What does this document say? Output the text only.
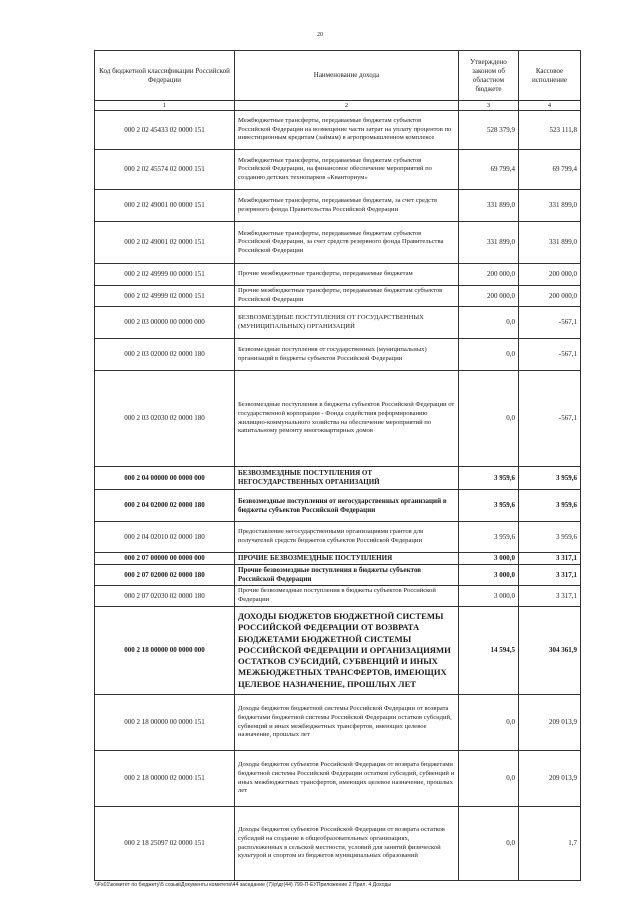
20
Код бюджетной классификации Российской Федерации	Наименование дохода	Утверждено законом об областном бюджете	Кассовое исполнение
1	2	3	4
000 2 02 45433 02 0000 151	Межбюджетные трансферты, передаваемые бюджетам субъектов Российской Федерации на возмещение части затрат на уплату процентов по инвестиционным кредитам (займам) в агропромышленном комплексе	528 379,9	523 111,8
000 2 02 45574 02 0000 151	Межбюджетные трансферты, передаваемые бюджетам субъектов Российской Федерации, на финансовое обеспечение мероприятий по созданию детских технопарков «Кванториум»	69 799,4	69 799,4
000 2 02 49001 00 0000 151	Межбюджетные трансферты, передаваемые бюджетам, за счет средств резервного фонда Правительства Российской Федерации	331 899,0	331 899,0
000 2 02 49001 02 0000 151	Межбюджетные трансферты, передаваемые бюджетам субъектов Российской Федерации, за счет средств резервного фонда Правительства Российской Федерации	331 899,0	331 899,0
000 2 02 49999 00 0000 151	Прочие межбюджетные трансферты, передаваемые бюджетам	200 000,0	200 000,0
000 2 02 49999 02 0000 151	Прочие межбюджетные трансферты, передаваемые бюджетам субъектов Российской Федерации	200 000,0	200 000,0
000 2 03 00000 00 0000 000	БЕЗВОЗМЕЗДНЫЕ ПОСТУПЛЕНИЯ ОТ ГОСУДАРСТВЕННЫХ (МУНИЦИПАЛЬНЫХ) ОРГАНИЗАЦИЙ	0,0	-567,1
000 2 03 02000 02 0000 180	Безвозмездные поступления от государственных (муниципальных) организаций в бюджеты субъектов Российской Федерации	0,0	-567,1
000 2 03 02030 02 0000 180	Безвозмездные поступления в бюджеты субъектов Российской Федерации от государственной корпорации - Фонда содействия реформированию жилищно-коммунального хозяйства на обеспечение мероприятий по капитальному ремонту многоквартирных домов	0,0	-567,1
000 2 04 00000 00 0000 000	БЕЗВОЗМЕЗДНЫЕ ПОСТУПЛЕНИЯ ОТ НЕГОСУДАРСТВЕННЫХ ОРГАНИЗАЦИЙ	3 959,6	3 959,6
000 2 04 02000 02 0000 180	Безвозмездные поступления от негосударственных организаций в бюджеты субъектов Российской Федерации	3 959,6	3 959,6
000 2 04 02010 02 0000 180	Предоставление негосударственными организациями грантов для получателей средств бюджетов субъектов Российской Федерации	3 959,6	3 959,6
000 2 07 00000 00 0000 000	ПРОЧИЕ БЕЗВОЗМЕЗДНЫЕ ПОСТУПЛЕНИЯ	3 000,0	3 317,1
000 2 07 02000 02 0000 180	Прочие безвозмездные поступления в бюджеты субъектов Российской Федерации	3 000,0	3 317,1
000 2 07 02030 02 0000 180	Прочие безвозмездные поступления в бюджеты субъектов Российской Федерации	3 000,0	3 317,1
000 2 18 00000 00 0000 000	ДОХОДЫ БЮДЖЕТОВ БЮДЖЕТНОЙ СИСТЕМЫ РОССИЙСКОЙ ФЕДЕРАЦИИ ОТ ВОЗВРАТА БЮДЖЕТАМИ БЮДЖЕТНОЙ СИСТЕМЫ РОССИЙСКОЙ ФЕДЕРАЦИИ И ОРГАНИЗАЦИЯМИ ОСТАТКОВ СУБСИДИЙ, СУБВЕНЦИЙ И ИНЫХ МЕЖБЮДЖЕТНЫХ ТРАНСФЕРТОВ, ИМЕЮЩИХ ЦЕЛЕВОЕ НАЗНАЧЕНИЕ, ПРОШЛЫХ ЛЕТ	14 594,5	304 361,9
000 2 18 00000 00 0000 151	Доходы бюджетов бюджетной системы Российской Федерации от возврата бюджетами бюджетной системы Российской Федерации остатков субсидий, субвенций и иных межбюджетных трансфертов, имеющих целевое назначение, прошлых лет	0,0	209 013,9
000 2 18 00000 02 0000 151	Доходы бюджетов субъектов Российской Федерации от возврата бюджетами бюджетной системы Российской Федерации остатков субсидий, субвенций и иных межбюджетных трансфертов, имеющих целевое назначение, прошлых лет	0,0	209 013,9
000 2 18 25097 02 0000 151	Доходы бюджетов субъектов Российской Федерации от возврата остатков субсидий на создание в общеобразовательных организациях, расположенных в сельской местности, условий для занятий физической культурой и спортом из бюджетов муниципальных образований	0,0	1,7
\\Fs01\комитет по бюджету\5 созыв\Документы комитета\44 заседание (7)\р\дг(44) 799-П-ЕУПриложение 2 Прил. 4 Доходы
